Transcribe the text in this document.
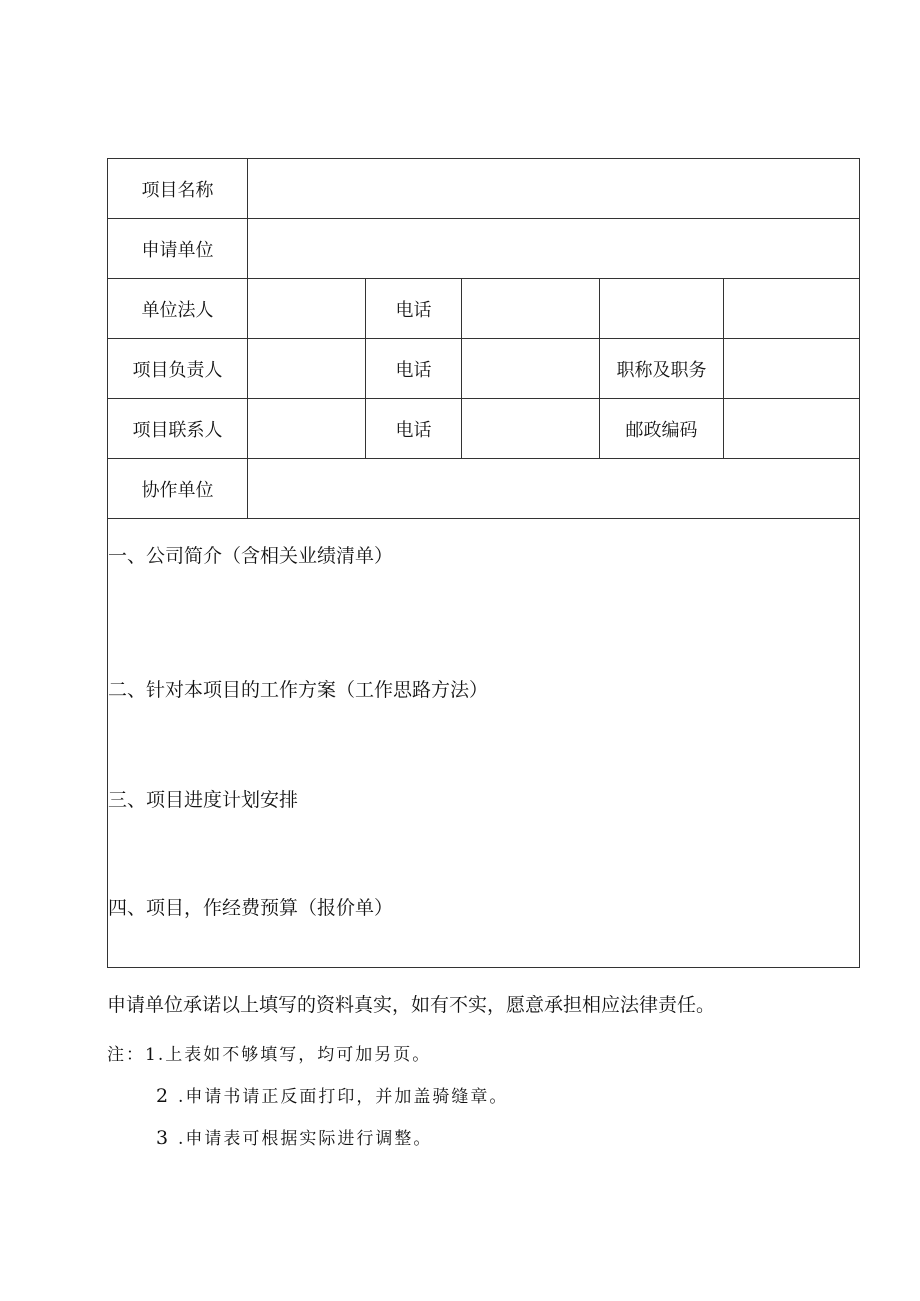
项目名称					
申请单位					
单位法人		电话			
项目负责人		电话		职称及职务	
项目联系人		电话		邮政编码	
协作单位					

一、公司简介（含相关业绩清单）
二、针对本项目的工作方案（工作思路方法）
三、项目进度计划安排
四、项目，作经费预算（报价单）					
申请单位承诺以上填写的资料真实，如有不实，愿意承担相应法律责任。
注：1.上表如不够填写，均可加另页。
2 .申请书请正反面打印，并加盖骑缝章。
3 .申请表可根据实际进行调整。
